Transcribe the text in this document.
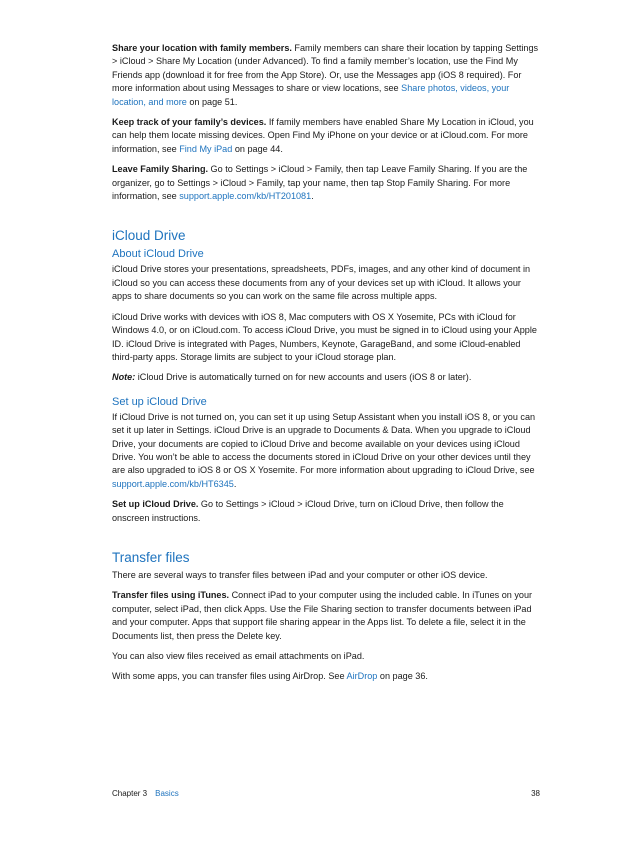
Share your location with family members. Family members can share their location by tapping Settings > iCloud > Share My Location (under Advanced). To find a family member’s location, use the Find My Friends app (download it for free from the App Store). Or, use the Messages app (iOS 8 required). For more information about using Messages to share or view locations, see Share photos, videos, your location, and more on page 51.

Keep track of your family’s devices. If family members have enabled Share My Location in iCloud, you can help them locate missing devices. Open Find My iPhone on your device or at iCloud.com. For more information, see Find My iPad on page 44.

Leave Family Sharing. Go to Settings > iCloud > Family, then tap Leave Family Sharing. If you are the organizer, go to Settings > iCloud > Family, tap your name, then tap Stop Family Sharing. For more information, see support.apple.com/kb/HT201081.

iCloud Drive
About iCloud Drive

iCloud Drive stores your presentations, spreadsheets, PDFs, images, and any other kind of document in iCloud so you can access these documents from any of your devices set up with iCloud. It allows your apps to share documents so you can work on the same file across multiple apps.

iCloud Drive works with devices with iOS 8, Mac computers with OS X Yosemite, PCs with iCloud for Windows 4.0, or on iCloud.com. To access iCloud Drive, you must be signed in to iCloud using your Apple ID. iCloud Drive is integrated with Pages, Numbers, Keynote, GarageBand, and some iCloud-enabled third-party apps. Storage limits are subject to your iCloud storage plan.

Note: iCloud Drive is automatically turned on for new accounts and users (iOS 8 or later).

Set up iCloud Drive

If iCloud Drive is not turned on, you can set it up using Setup Assistant when you install iOS 8, or you can set it up later in Settings. iCloud Drive is an upgrade to Documents & Data. When you upgrade to iCloud Drive, your documents are copied to iCloud Drive and become available on your devices using iCloud Drive. You won’t be able to access the documents stored in iCloud Drive on your other devices until they are also upgraded to iOS 8 or OS X Yosemite. For more information about upgrading to iCloud Drive, see support.apple.com/kb/HT6345.

Set up iCloud Drive. Go to Settings > iCloud > iCloud Drive, turn on iCloud Drive, then follow the onscreen instructions.

Transfer files

There are several ways to transfer files between iPad and your computer or other iOS device.

Transfer files using iTunes. Connect iPad to your computer using the included cable. In iTunes on your computer, select iPad, then click Apps. Use the File Sharing section to transfer documents between iPad and your computer. Apps that support file sharing appear in the Apps list. To delete a file, select it in the Documents list, then press the Delete key.

You can also view files received as email attachments on iPad.

With some apps, you can transfer files using AirDrop. See AirDrop on page 36.

Chapter 3 Basics	38
